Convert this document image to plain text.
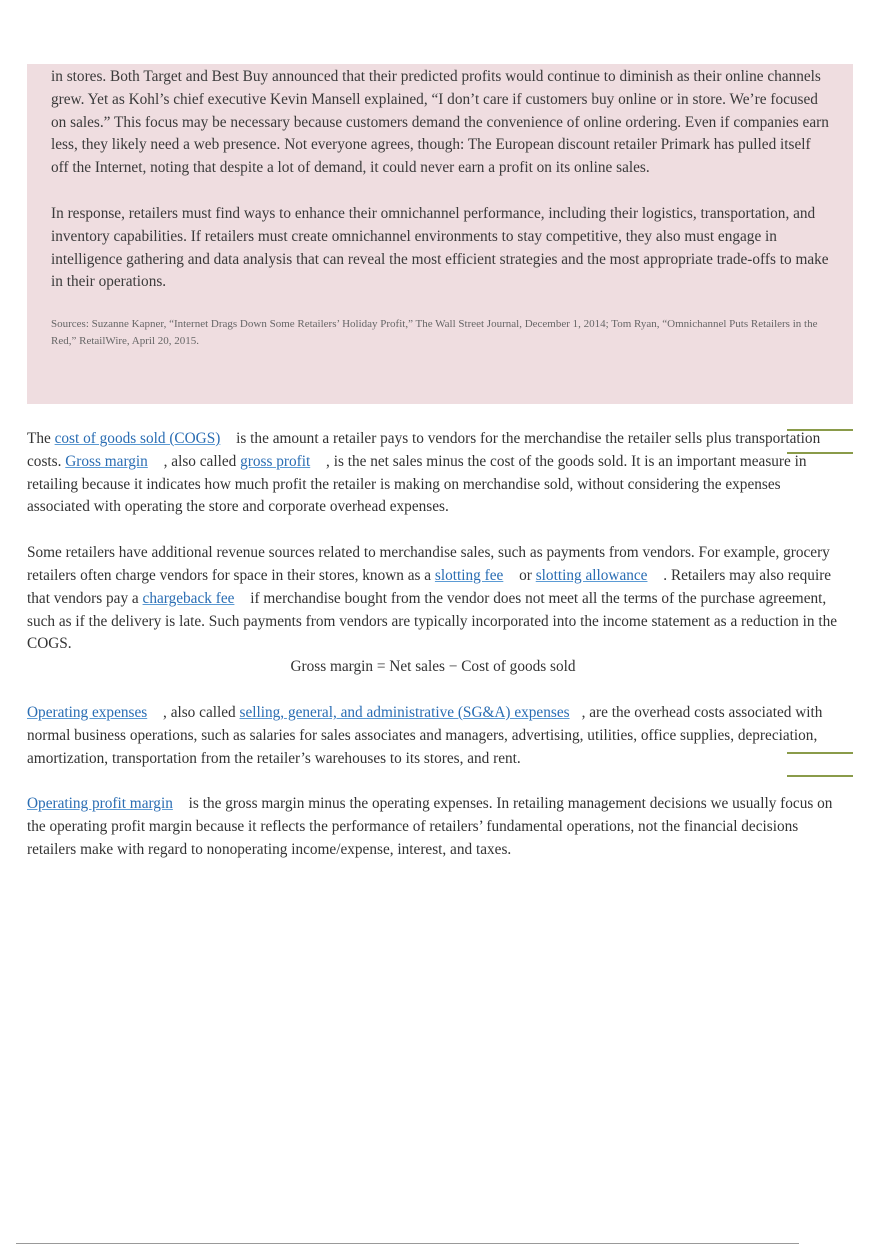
in stores. Both Target and Best Buy announced that their predicted profits would continue to diminish as their online channels grew. Yet as Kohl’s chief executive Kevin Mansell explained, “I don’t care if customers buy online or in store. We’re focused on sales.” This focus may be necessary because customers demand the convenience of online ordering. Even if companies earn less, they likely need a web presence. Not everyone agrees, though: The European discount retailer Primark has pulled itself off the Internet, noting that despite a lot of demand, it could never earn a profit on its online sales.

In response, retailers must find ways to enhance their omnichannel performance, including their logistics, transportation, and inventory capabilities. If retailers must create omnichannel environments to stay competitive, they also must engage in intelligence gathering and data analysis that can reveal the most efficient strategies and the most appropriate trade-offs to make in their operations.

Sources: Suzanne Kapner, “Internet Drags Down Some Retailers’ Holiday Profit,” The Wall Street Journal, December 1, 2014; Tom Ryan, “Omnichannel Puts Retailers in the Red,” RetailWire, April 20, 2015.

The cost of goods sold (COGS) is the amount a retailer pays to vendors for the merchandise the retailer sells plus transportation costs. Gross margin , also called gross profit , is the net sales minus the cost of the goods sold. It is an important measure in retailing because it indicates how much profit the retailer is making on merchandise sold, without considering the expenses associated with operating the store and corporate overhead expenses.

Some retailers have additional revenue sources related to merchandise sales, such as payments from vendors. For example, grocery retailers often charge vendors for space in their stores, known as a slotting fee or slotting allowance . Retailers may also require that vendors pay a chargeback fee if merchandise bought from the vendor does not meet all the terms of the purchase agreement, such as if the delivery is late. Such payments from vendors are typically incorporated into the income statement as a reduction in the COGS.

Gross margin = Net sales − Cost of goods sold

Operating expenses , also called selling, general, and administrative (SG&A) expenses , are the overhead costs associated with normal business operations, such as salaries for sales associates and managers, advertising, utilities, office supplies, depreciation, amortization, transportation from the retailer’s warehouses to its stores, and rent.

Operating profit margin is the gross margin minus the operating expenses. In retailing management decisions we usually focus on the operating profit margin because it reflects the performance of retailers’ fundamental operations, not the financial decisions retailers make with regard to nonoperating income/expense, interest, and taxes.
